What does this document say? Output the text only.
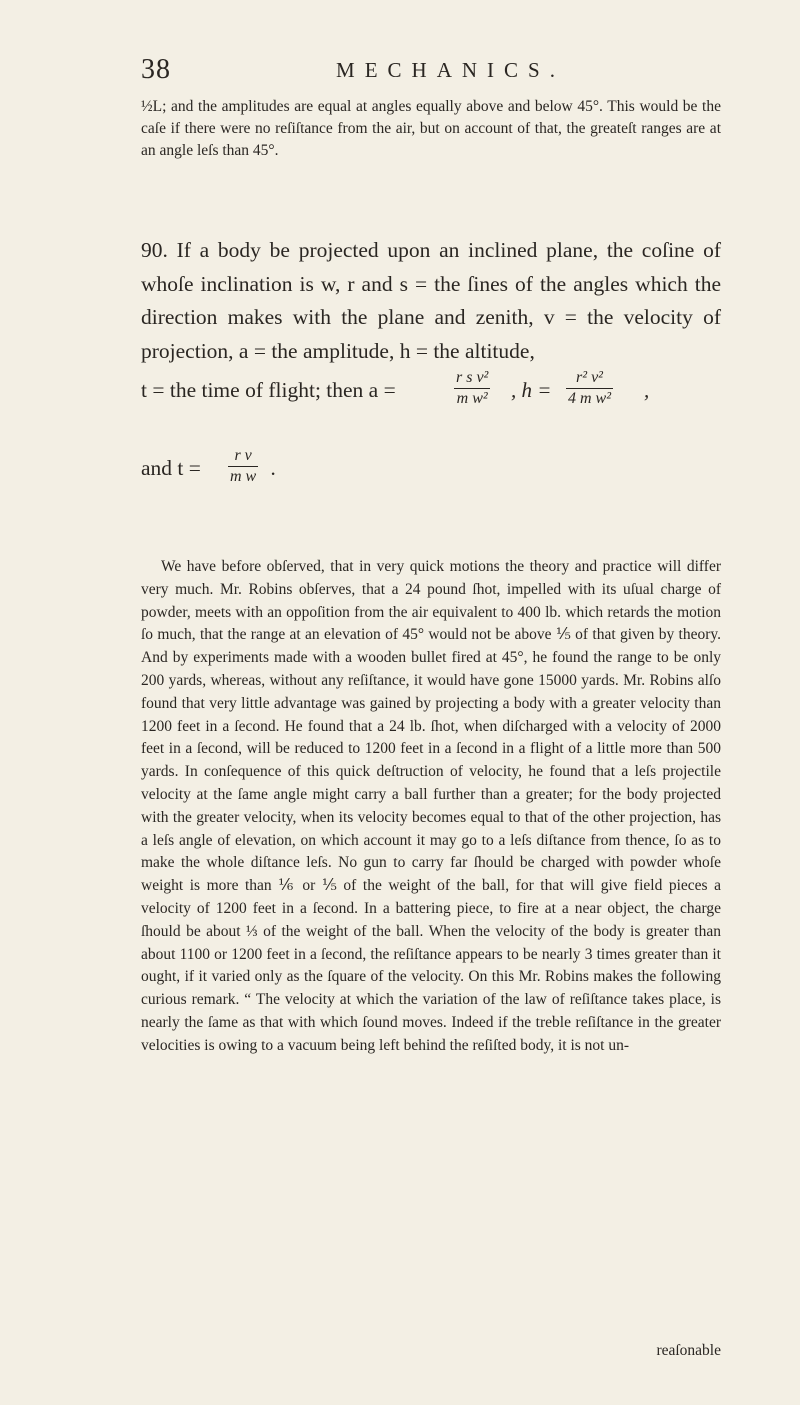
38	MECHANICS.
½L; and the amplitudes are equal at angles equally above and below 45°. This would be the caſe if there were no reſiſtance from the air, but on account of that, the greateſt ranges are at an angle leſs than 45°.
90. If a body be projected upon an inclined plane, the coſine of whoſe inclination is w, r and s = the ſines of the angles which the direction makes with the plane and zenith, v = the velocity of projection, a = the amplitude, h = the altitude,
t = the time of flight; then a =	$\frac{\text{r s v²}}{\text{m w²}}$ , $h = \frac{\text{r² v²}}{\text{4 m w²}}$ ,
and $t = \frac{\text{r v}}{\text{m w}}$ .
We have before obſerved, that in very quick motions the theory and practice will differ very much. Mr. Robins obſerves, that a 24 pound ſhot, impelled with its uſual charge of powder, meets with an oppoſition from the air equivalent to 400 lb. which retards the motion ſo much, that the range at an elevation of 45° would not be above ⅕ of that given by theory. And by experiments made with a wooden bullet fired at 45°, he found the range to be only 200 yards, whereas, without any reſiſtance, it would have gone 15000 yards. Mr. Robins alſo found that very little advantage was gained by projecting a body with a greater velocity than 1200 feet in a ſecond. He found that a 24 lb. ſhot, when diſcharged with a velocity of 2000 feet in a ſecond, will be reduced to 1200 feet in a ſecond in a flight of a little more than 500 yards. In conſequence of this quick deſtruction of velocity, he found that a leſs projectile velocity at the ſame angle might carry a ball further than a greater; for the body projected with the greater velocity, when its velocity becomes equal to that of the other projection, has a leſs angle of elevation, on which account it may go to a leſs diſtance from thence, ſo as to make the whole diſtance leſs. No gun to carry far ſhould be charged with powder whoſe weight is more than ⅙ or ⅕ of the weight of the ball, for that will give field pieces a velocity of 1200 feet in a ſecond. In a battering piece, to fire at a near object, the charge ſhould be about ⅓ of the weight of the ball. When the velocity of the body is greater than about 1100 or 1200 feet in a ſecond, the reſiſtance appears to be nearly 3 times greater than it ought, if it varied only as the ſquare of the velocity. On this Mr. Robins makes the following curious remark. “ The velocity at which the variation of the law of reſiſtance takes place, is nearly the ſame as that with which ſound moves. Indeed if the treble reſiſtance in the greater velocities is owing to a vacuum being left behind the reſiſted body, it is not un-
reaſonable
